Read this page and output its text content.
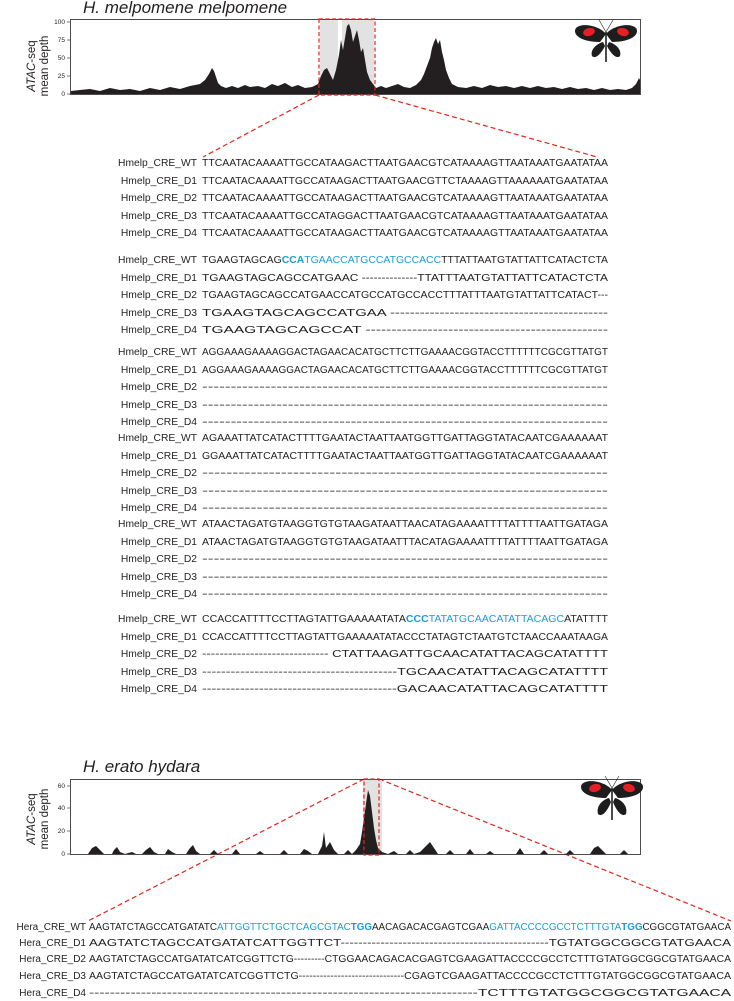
H. melpomene melpomene
ATAC-seq
mean depth
100
75
50
25
0
Hmelp_CRE_WT TTCAATACAAAATTGCCATAAGACTTAATGAACGTCATAAAAGTTAATAAATGAATATAA
Hmelp_CRE_D1 TTCAATACAAAATTGCCATAAGACTTAATGAACGTTCTAAAAGTTAAAAAATGAATATAA
Hmelp_CRE_D2 TTCAATACAAAATTGCCATAAGACTTAATGAACGTCATAAAAGTTAATAAATGAATATAA
Hmelp_CRE_D3 TTCAATACAAAATTGCCATAGGACTTAATGAACGTCATAAAAGTTAATAAATGAATATAA
Hmelp_CRE_D4 TTCAATACAAAATTGCCATAAGACTTAATGAACGTCATAAAAGTTAATAAATGAATATAA
Hmelp_CRE_WT TGAAGTAGCAGCCATGAACCATGCCATGCCACCTTTATTAATGTATTATTCATACTCTA
Hmelp_CRE_D1 TGAAGTAGCAGCCATGAAC --------------TTATTTAATGTATTATTCATACTCTA
Hmelp_CRE_D2 TGAAGTAGCAGCCATGAACCATGCCATGCCACCTTTATTTAATGTATTATTCATACT---
Hmelp_CRE_D3 TGAAGTAGCAGCCATGAA --------------------------------------------
Hmelp_CRE_D4 TGAAGTAGCAGCCAT -----------------------------------------------
Hmelp_CRE_WT AGGAAAGAAAAGGACTAGAACACATGCTTCTTGAAAACGGTACCTTTTTTCGCGTTATGT
Hmelp_CRE_D1 AGGAAAGAAAAGGACTAGAACACATGCTTCTTGAAAACGGTACCTTTTTTCGCGTTATGT
Hmelp_CRE_D2 -----------------------------------------------------------------------
Hmelp_CRE_D3 -----------------------------------------------------------------------
Hmelp_CRE_D4 -----------------------------------------------------------------------
Hmelp_CRE_WT AGAAATTATCATACTTTTGAATACTAATTAATGGTTGATTAGGTATACAATCGAAAAAAT
Hmelp_CRE_D1 GGAAATTATCATACTTTTGAATACTAATTAATGGTTGATTAGGTATACAATCGAAAAAAT
Hmelp_CRE_D2 -------------------------------------------------------------------
Hmelp_CRE_D3 -------------------------------------------------------------------
Hmelp_CRE_D4 -------------------------------------------------------------------
Hmelp_CRE_WT ATAACTAGATGTAAGGTGTGTAAGATAATTAACATAGAAAATTTTATTTTAATTGATAGA
Hmelp_CRE_D1 ATAACTAGATGTAAGGTGTGTAAGATAATTTACATAGAAAATTTTATTTTAATTGATAGA
Hmelp_CRE_D2 ----------------------------------------------------------------------
Hmelp_CRE_D3 ----------------------------------------------------------------------
Hmelp_CRE_D4 ----------------------------------------------------------------------
Hmelp_CRE_WT CCACCATTTTCCTTAGTATTGAAAAATATACCCTATATGCAACATATTACAGCATATTTT
Hmelp_CRE_D1 CCACCATTTTCCTTAGTATTGAAAAATATACCCTATAGTCTAATGTCTAACCAAATAAGA
Hmelp_CRE_D2 ----------------------------- CTATTAAGATTGCAACATATTACAGCATATTTT
Hmelp_CRE_D3 -----------------------------------------TGCAACATATTACAGCATATTTT
Hmelp_CRE_D4 -----------------------------------------GACAACATATTACAGCATATTTT
H. erato hydara
ATAC-seq
mean depth
60
40
20
0
Hera_CRE_WT AAGTATCTAGCCATGATATCATTGGTTCTGCTCAGCGTACTGGAACAGACACGAGTCGAAGATTACCCCGCCTCTTTGTATGGCGGCGTATGAACA
Hera_CRE_D1 AAGTATCTAGCCATGATATCATTGGTTCT-----------------------------------------------TGTATGGCGGCGTATGAACA
Hera_CRE_D2 AAGTATCTAGCCATGATATCATCGGTTCTG---------CTGGAACAGACACGAGTCGAAGATTACCCCGCCTCTTTGTATGGCGGCGTATGAACA
Hera_CRE_D3 AAGTATCTAGCCATGATATCATCGGTTCTG------------------------------CGAGTCGAAGATTACCCCGCCTCTTTGTATGGCGGCGTATGAACA
Hera_CRE_D4 ---------------------------------------------------------------------------TCTTTGTATGGCGGCGTATGAACA
